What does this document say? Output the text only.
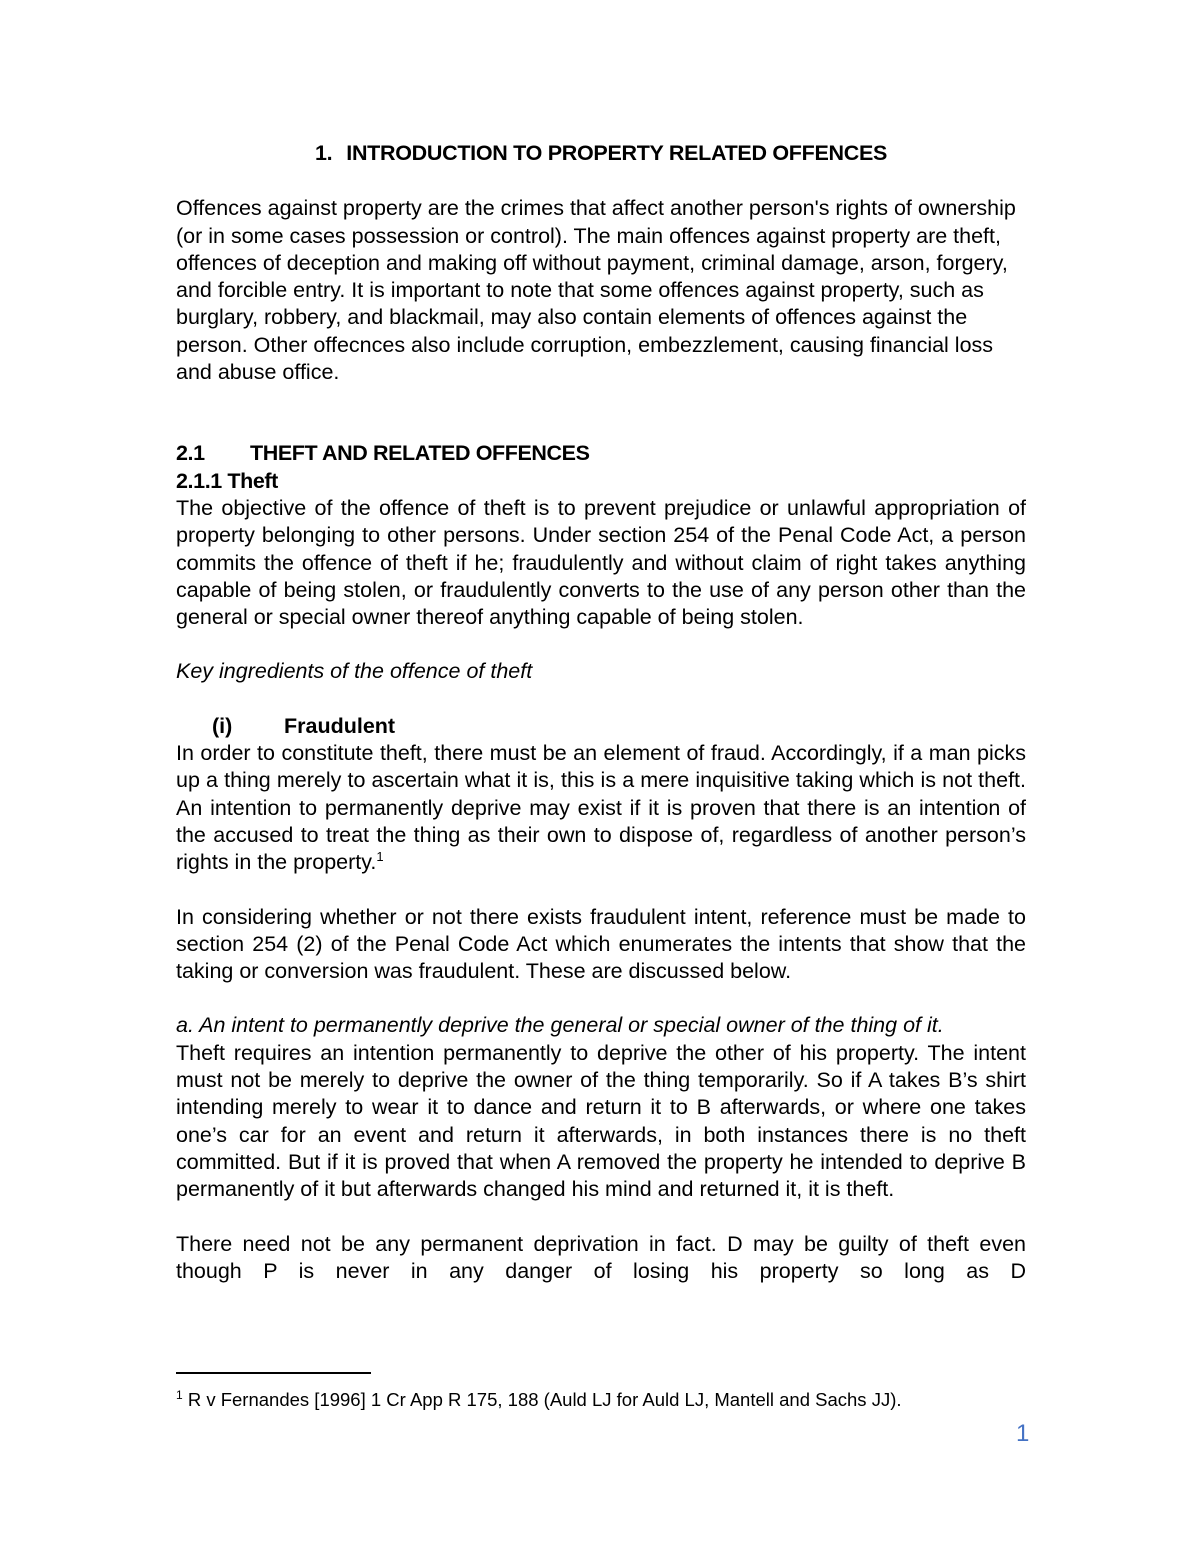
1. INTRODUCTION TO PROPERTY RELATED OFFENCES

Offences against property are the crimes that affect another person's rights of ownership (or in some cases possession or control). The main offences against property are theft, offences of deception and making off without payment, criminal damage, arson, forgery, and forcible entry. It is important to note that some offences against property, such as burglary, robbery, and blackmail, may also contain elements of offences against the person. Other offecnces also include corruption, embezzlement, causing financial loss and abuse office.

2.1 THEFT AND RELATED OFFENCES
2.1.1 Theft

The objective of the offence of theft is to prevent prejudice or unlawful appropriation of property belonging to other persons. Under section 254 of the Penal Code Act, a person commits the offence of theft if he; fraudulently and without claim of right takes anything capable of being stolen, or fraudulently converts to the use of any person other than the general or special owner thereof anything capable of being stolen.

Key ingredients of the offence of theft

(i) Fraudulent

In order to constitute theft, there must be an element of fraud. Accordingly, if a man picks up a thing merely to ascertain what it is, this is a mere inquisitive taking which is not theft. An intention to permanently deprive may exist if it is proven that there is an intention of the accused to treat the thing as their own to dispose of, regardless of another person’s rights in the property.$^1$

In considering whether or not there exists fraudulent intent, reference must be made to section 254 (2) of the Penal Code Act which enumerates the intents that show that the taking or conversion was fraudulent. These are discussed below.

a. An intent to permanently deprive the general or special owner of the thing of it.

Theft requires an intention permanently to deprive the other of his property. The intent must not be merely to deprive the owner of the thing temporarily. So if A takes B’s shirt intending merely to wear it to dance and return it to B afterwards, or where one takes one’s car for an event and return it afterwards, in both instances there is no theft committed. But if it is proved that when A removed the property he intended to deprive B permanently of it but afterwards changed his mind and returned it, it is theft.

There need not be any permanent deprivation in fact. D may be guilty of theft even though P is never in any danger of losing his property so long as D

$^1$ R v Fernandes [1996] 1 Cr App R 175, 188 (Auld LJ for Auld LJ, Mantell and Sachs JJ).
1
